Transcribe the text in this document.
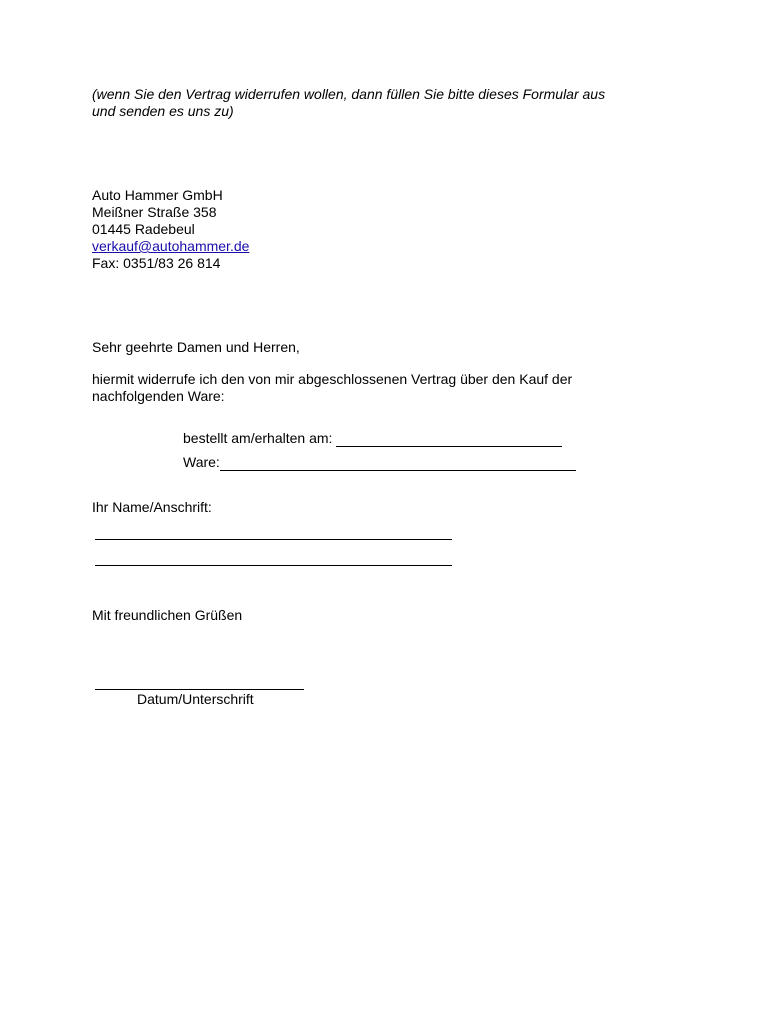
(wenn Sie den Vertrag widerrufen wollen, dann füllen Sie bitte dieses Formular aus
und senden es uns zu)
Auto Hammer GmbH
Meißner Straße 358
01445 Radebeul
verkauf@autohammer.de
Fax: 0351/83 26 814
Sehr geehrte Damen und Herren,
hiermit widerrufe ich den von mir abgeschlossenen Vertrag über den Kauf der
nachfolgenden Ware:
bestellt am/erhalten am:
Ware:
Ihr Name/Anschrift:
Mit freundlichen Grüßen
Datum/Unterschrift
